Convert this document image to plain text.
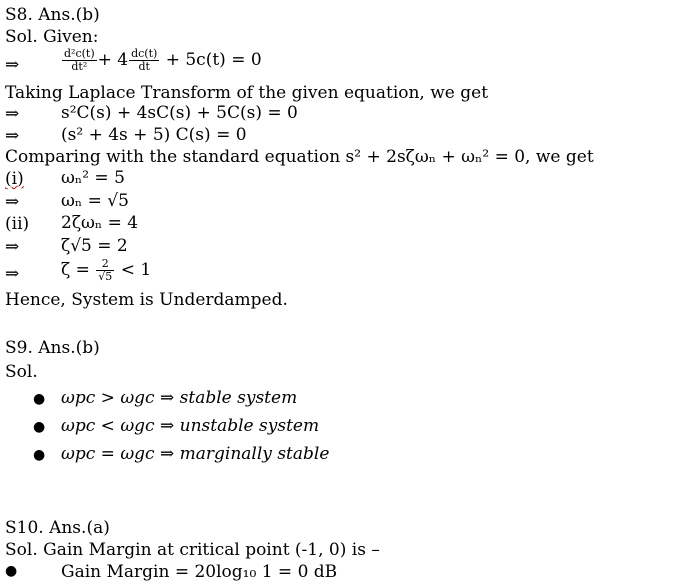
S8. Ans.(b)
Sol. Given:
⇒	$\frac{\text{d²c(t)}}{\text{dt²}} + 4 \frac{dc(t)}{dt} + 5c(t) = 0$
Taking Laplace Transform of the given equation, we get
⇒ s²C(s) + 4sC(s) + 5C(s) = 0
⇒ (s² + 4s + 5) C(s) = 0
Comparing with the standard equation s² + 2sζωₙ + ωₙ² = 0, we get
(i) ωₙ² = 5
⇒ ωₙ = √5
(ii) 2ζωₙ = 4
⇒ ζ√5 = 2
⇒ $\zeta = \frac{2}{√5} < 1$
Hence, System is Underdamped.
S9. Ans.(b)
Sol.
● ωpc > ωgc ⇒ stable system
● ωpc < ωgc ⇒ unstable system
● ωpc = ωgc ⇒ marginally stable
S10. Ans.(a)
Sol. Gain Margin at critical point (-1, 0) is –
●	Gain Margin = 20log₁₀ 1 = 0 dB
